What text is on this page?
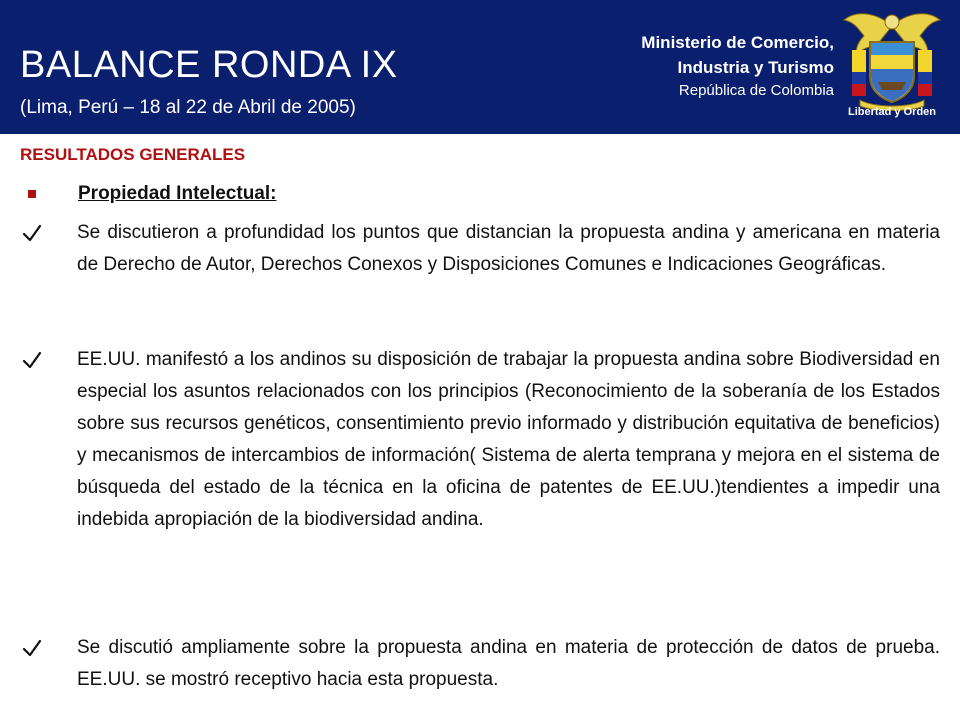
BALANCE RONDA IX
(Lima, Perú – 18 al 22 de Abril de 2005)
Ministerio de Comercio,
Industria y Turismo
República de Colombia
Libertad y Orden
RESULTADOS GENERALES
Propiedad Intelectual:

Se discutieron a profundidad los puntos que distancian la propuesta andina y americana en materia de Derecho de Autor, Derechos Conexos y Disposiciones Comunes e Indicaciones Geográficas.

EE.UU. manifestó a los andinos su disposición de trabajar la propuesta andina sobre Biodiversidad en especial los asuntos relacionados con los principios (Reconocimiento de la soberanía de los Estados sobre sus recursos genéticos, consentimiento previo informado y distribución equitativa de beneficios) y mecanismos de intercambios de información( Sistema de alerta temprana y mejora en el sistema de búsqueda del estado de la técnica en la oficina de patentes de EE.UU.)tendientes a impedir una indebida apropiación de la biodiversidad andina.

Se discutió ampliamente sobre la propuesta andina en materia de protección de datos de prueba. EE.UU. se mostró receptivo hacia esta propuesta.
